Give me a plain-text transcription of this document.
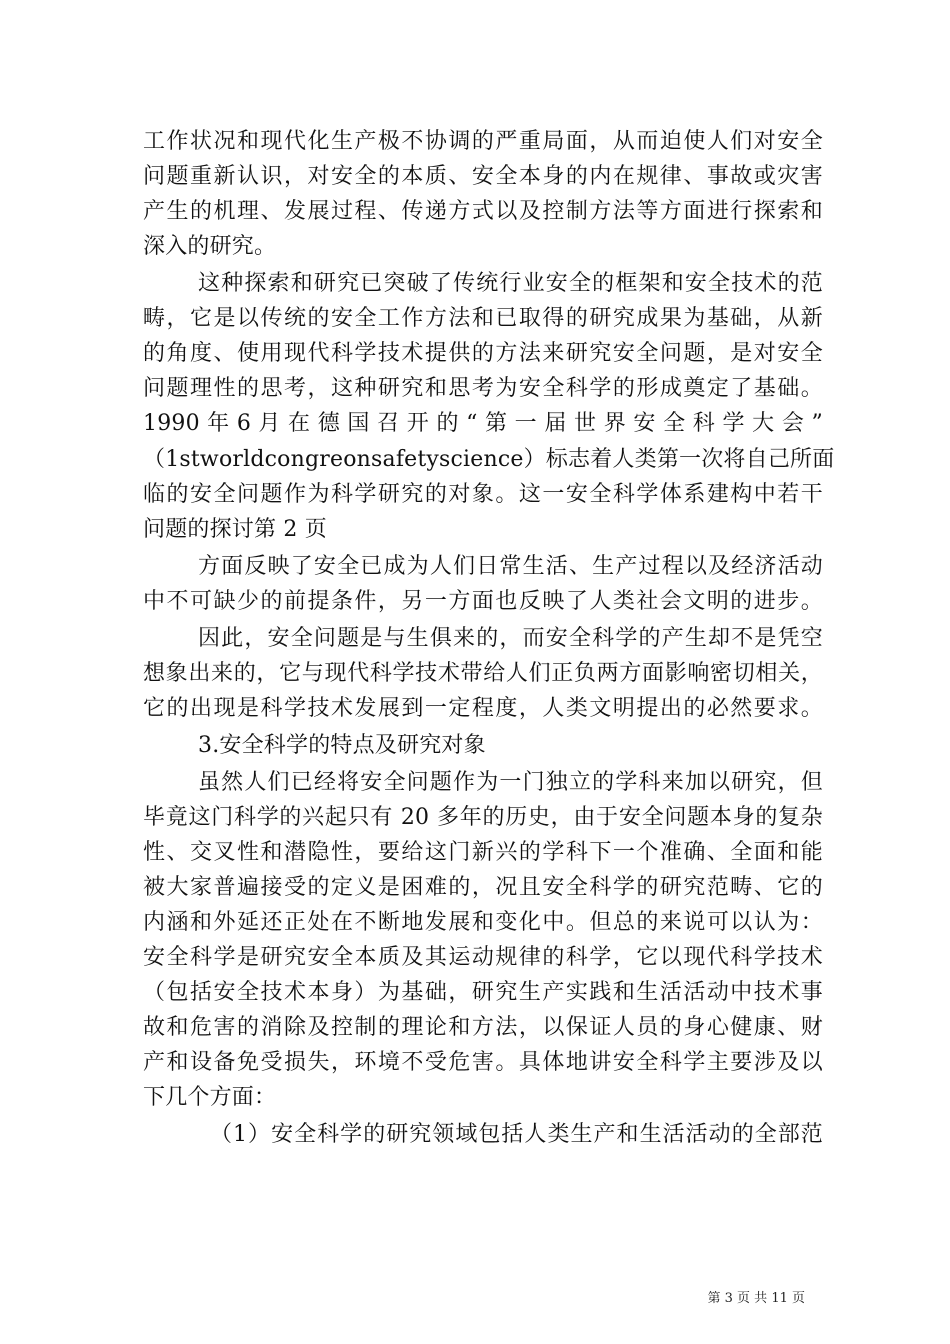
工作状况和现代化生产极不协调的严重局面，从而迫使人们对安全
问题重新认识，对安全的本质、安全本身的内在规律、事故或灾害
产生的机理、发展过程、传递方式以及控制方法等方面进行探索和
深入的研究。
这种探索和研究已突破了传统行业安全的框架和安全技术的范
畴，它是以传统的安全工作方法和已取得的研究成果为基础，从新
的角度、使用现代科学技术提供的方法来研究安全问题，是对安全
问题理性的思考，这种研究和思考为安全科学的形成奠定了基础。
1990 年 6 月 在 德 国 召 开 的 “ 第 一 届 世 界 安 全 科 学 大 会 ”
（1stworldcongreonsafetyscience）标志着人类第一次将自己所面
临的安全问题作为科学研究的对象。这一安全科学体系建构中若干
问题的探讨第 2 页
方面反映了安全已成为人们日常生活、生产过程以及经济活动
中不可缺少的前提条件，另一方面也反映了人类社会文明的进步。
因此，安全问题是与生俱来的，而安全科学的产生却不是凭空
想象出来的，它与现代科学技术带给人们正负两方面影响密切相关，
它的出现是科学技术发展到一定程度，人类文明提出的必然要求。
3.安全科学的特点及研究对象
虽然人们已经将安全问题作为一门独立的学科来加以研究，但
毕竟这门科学的兴起只有 20 多年的历史，由于安全问题本身的复杂
性、交叉性和潜隐性，要给这门新兴的学科下一个准确、全面和能
被大家普遍接受的定义是困难的，况且安全科学的研究范畴、它的
内涵和外延还正处在不断地发展和变化中。但总的来说可以认为：
安全科学是研究安全本质及其运动规律的科学，它以现代科学技术
（包括安全技术本身）为基础，研究生产实践和生活活动中技术事
故和危害的消除及控制的理论和方法，以保证人员的身心健康、财
产和设备免受损失，环境不受危害。具体地讲安全科学主要涉及以
下几个方面：
（1）安全科学的研究领域包括人类生产和生活活动的全部范
第 3 页 共 11 页
